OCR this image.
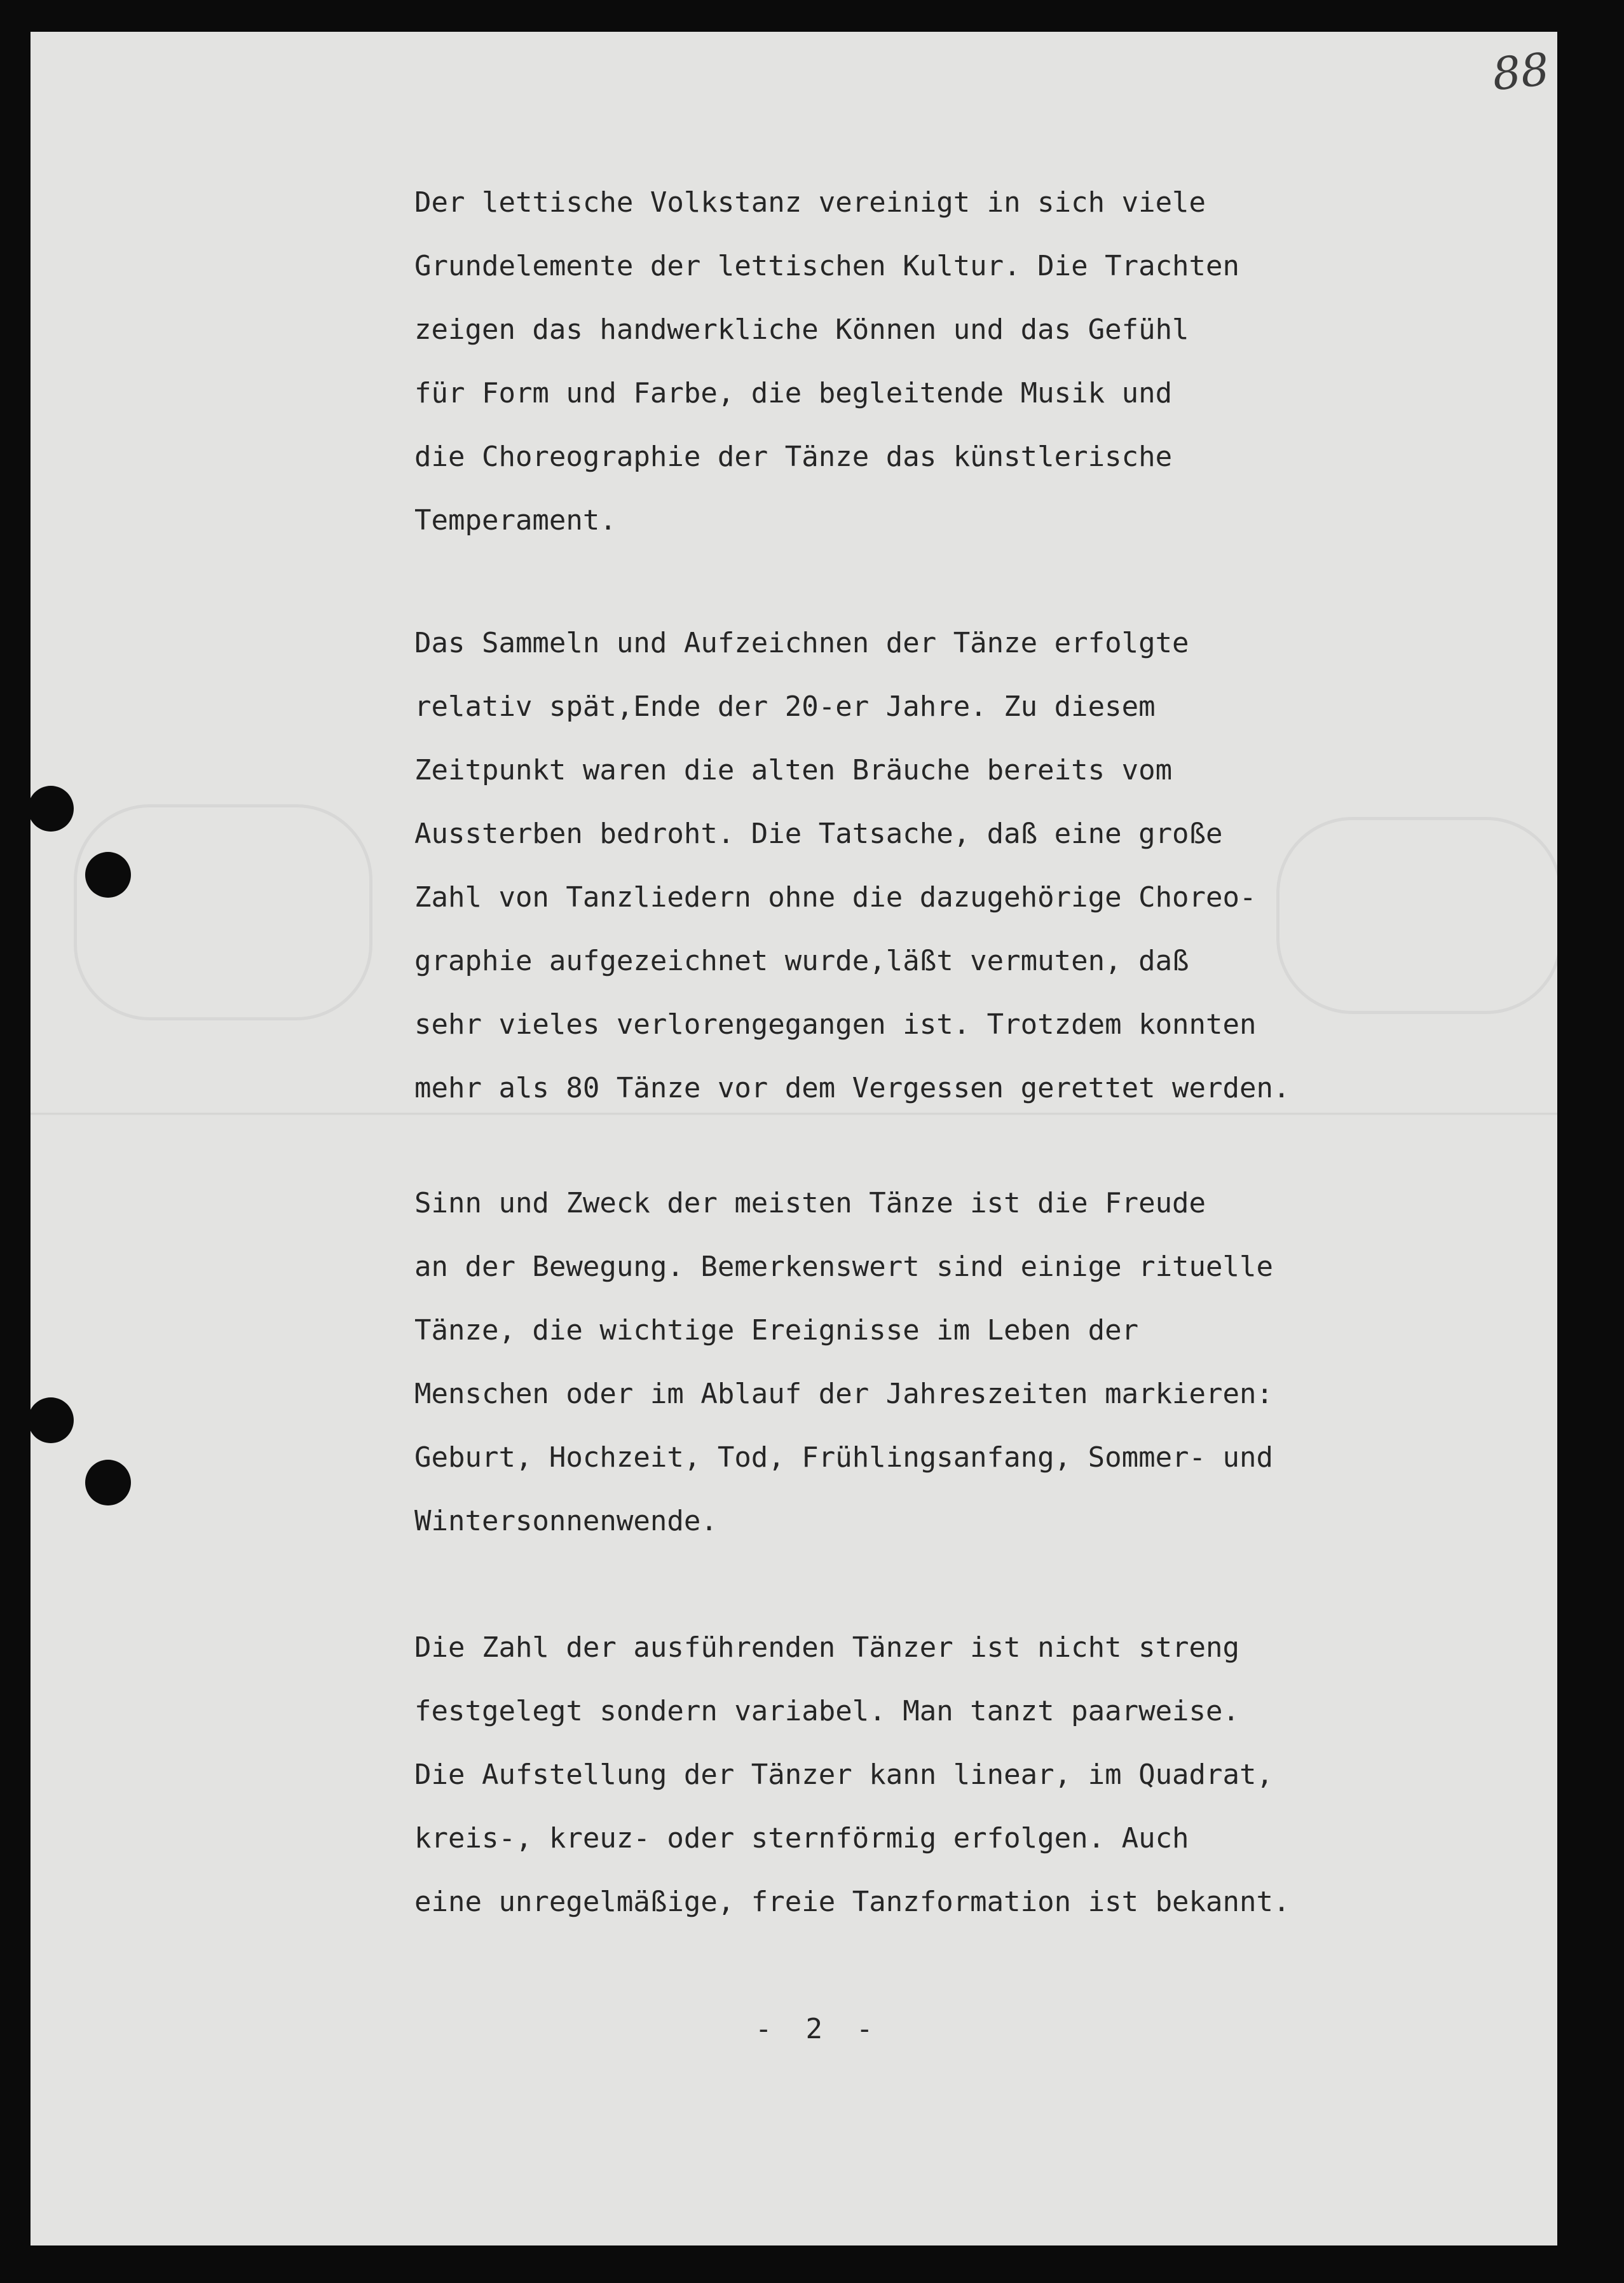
88
Der lettische Volkstanz vereinigt in sich viele
Grundelemente der lettischen Kultur. Die Trachten
zeigen das handwerkliche Können und das Gefühl
für Form und Farbe, die begleitende Musik und
die Choreographie der Tänze das künstlerische
Temperament.
Das Sammeln und Aufzeichnen der Tänze erfolgte
relativ spät,Ende der 20-er Jahre. Zu diesem
Zeitpunkt waren die alten Bräuche bereits vom
Aussterben bedroht. Die Tatsache, daß eine große
Zahl von Tanzliedern ohne die dazugehörige Choreo-
graphie aufgezeichnet wurde,läßt vermuten, daß
sehr vieles verlorengegangen ist. Trotzdem konnten
mehr als 80 Tänze vor dem Vergessen gerettet werden.
Sinn und Zweck der meisten Tänze ist die Freude
an der Bewegung. Bemerkenswert sind einige rituelle
Tänze, die wichtige Ereignisse im Leben der
Menschen oder im Ablauf der Jahreszeiten markieren:
Geburt, Hochzeit, Tod, Frühlingsanfang, Sommer- und
Wintersonnenwende.
Die Zahl der ausführenden Tänzer ist nicht streng
festgelegt sondern variabel. Man tanzt paarweise.
Die Aufstellung der Tänzer kann linear, im Quadrat,
kreis-, kreuz- oder sternförmig erfolgen. Auch
eine unregelmäßige, freie Tanzformation ist bekannt.
-  2  -
